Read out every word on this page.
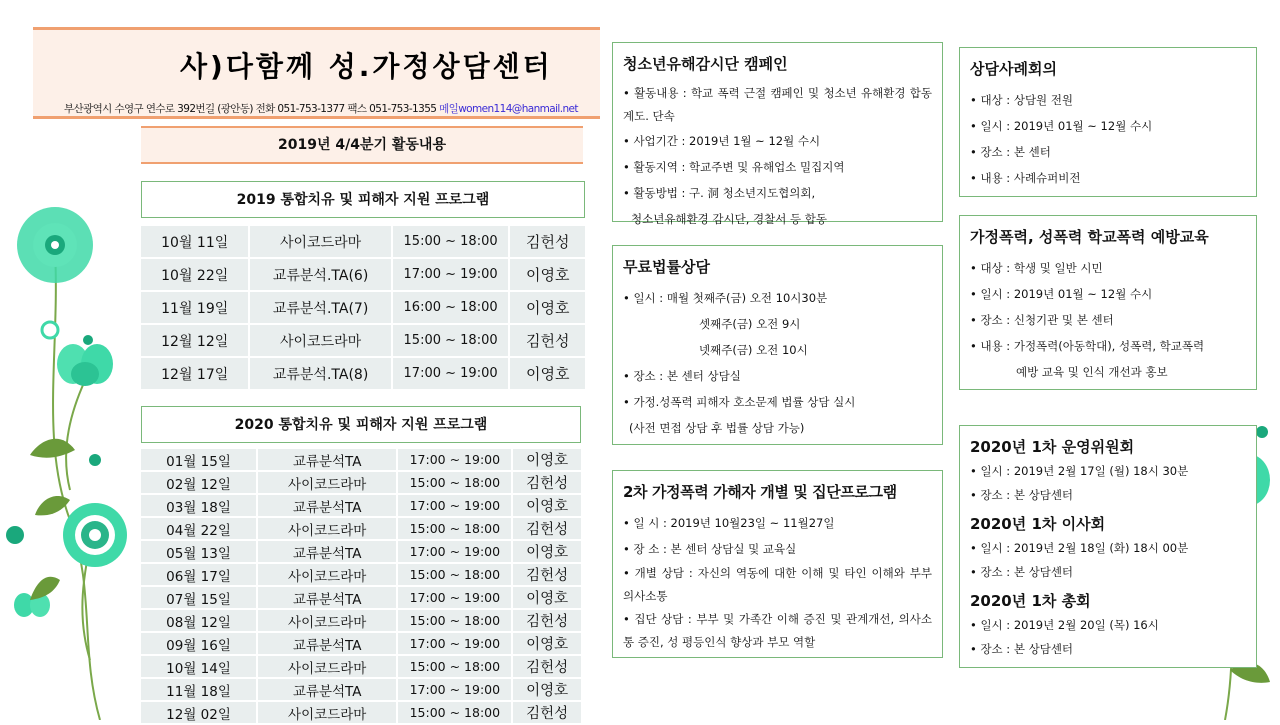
사)다함께 성.가정상담센터
부산광역시 수영구 연수로 392번길 (광안동) 전화 051-753-1377 팩스 051-753-1355 메일women114@hanmail.net
2019년 4/4분기 활동내용
2019 통합치유 및 피해자 지원 프로그램
10월 11일	사이코드라마	15:00 ~ 18:00	김헌성
10월 22일	교류분석.TA(6)	17:00 ~ 19:00	이영호
11월 19일	교류분석.TA(7)	16:00 ~ 18:00	이영호
12월 12일	사이코드라마	15:00 ~ 18:00	김헌성
12월 17일	교류분석.TA(8)	17:00 ~ 19:00	이영호
2020 통합치유 및 피해자 지원 프로그램
01월 15일	교류분석TA	17:00 ~ 19:00	이영호
02월 12일	사이코드라마	15:00 ~ 18:00	김헌성
03월 18일	교류분석TA	17:00 ~ 19:00	이영호
04월 22일	사이코드라마	15:00 ~ 18:00	김헌성
05월 13일	교류분석TA	17:00 ~ 19:00	이영호
06월 17일	사이코드라마	15:00 ~ 18:00	김헌성
07월 15일	교류분석TA	17:00 ~ 19:00	이영호
08월 12일	사이코드라마	15:00 ~ 18:00	김헌성
09월 16일	교류분석TA	17:00 ~ 19:00	이영호
10월 14일	사이코드라마	15:00 ~ 18:00	김헌성
11월 18일	교류분석TA	17:00 ~ 19:00	이영호
12월 02일	사이코드라마	15:00 ~ 18:00	김헌성
청소년유해감시단 캠페인
• 활동내용 : 학교 폭력 근절 캠페인 및 청소년 유해환경 합동 계도. 단속
• 사업기간 : 2019년 1월 ~ 12월 수시
• 활동지역 : 학교주변 및 유해업소 밀집지역
• 활동방법 : 구. 洞 청소년지도협의회,
청소년유해환경 감시단, 경찰서 등 합동
무료법률상담
• 일시 : 매월 첫째주(금) 오전 10시30분
셋째주(금) 오전 9시
넷째주(금) 오전 10시
• 장소 : 본 센터 상담실
• 가정.성폭력 피해자 호소문제 법률 상담 실시
(사전 면접 상담 후 법률 상담 가능)
2차 가정폭력 가해자 개별 및 집단프로그램
• 일 시 : 2019년 10월23일 ~ 11월27일
• 장 소 : 본 센터 상담실 및 교육실
• 개별 상담 : 자신의 역동에 대한 이해 및 타인 이해와 부부 의사소통
• 집단 상담 : 부부 및 가족간 이해 증진 및 관계개선, 의사소통 증진, 성 평등인식 향상과 부모 역할
상담사례회의
• 대상 : 상담원 전원
• 일시 : 2019년 01월 ~ 12월 수시
• 장소 : 본 센터
• 내용 : 사례슈퍼비전
가정폭력, 성폭력 학교폭력 예방교육
• 대상 : 학생 및 일반 시민
• 일시 : 2019년 01월 ~ 12월 수시
• 장소 : 신청기관 및 본 센터
• 내용 : 가정폭력(아동학대), 성폭력, 학교폭력
예방 교육 및 인식 개선과 홍보
2020년 1차 운영위원회
• 일시 : 2019년 2월 17일 (월) 18시 30분
• 장소 : 본 상담센터
2020년 1차 이사회
• 일시 : 2019년 2월 18일 (화) 18시 00분
• 장소 : 본 상담센터
2020년 1차 총회
• 일시 : 2019년 2월 20일 (목) 16시
• 장소 : 본 상담센터
